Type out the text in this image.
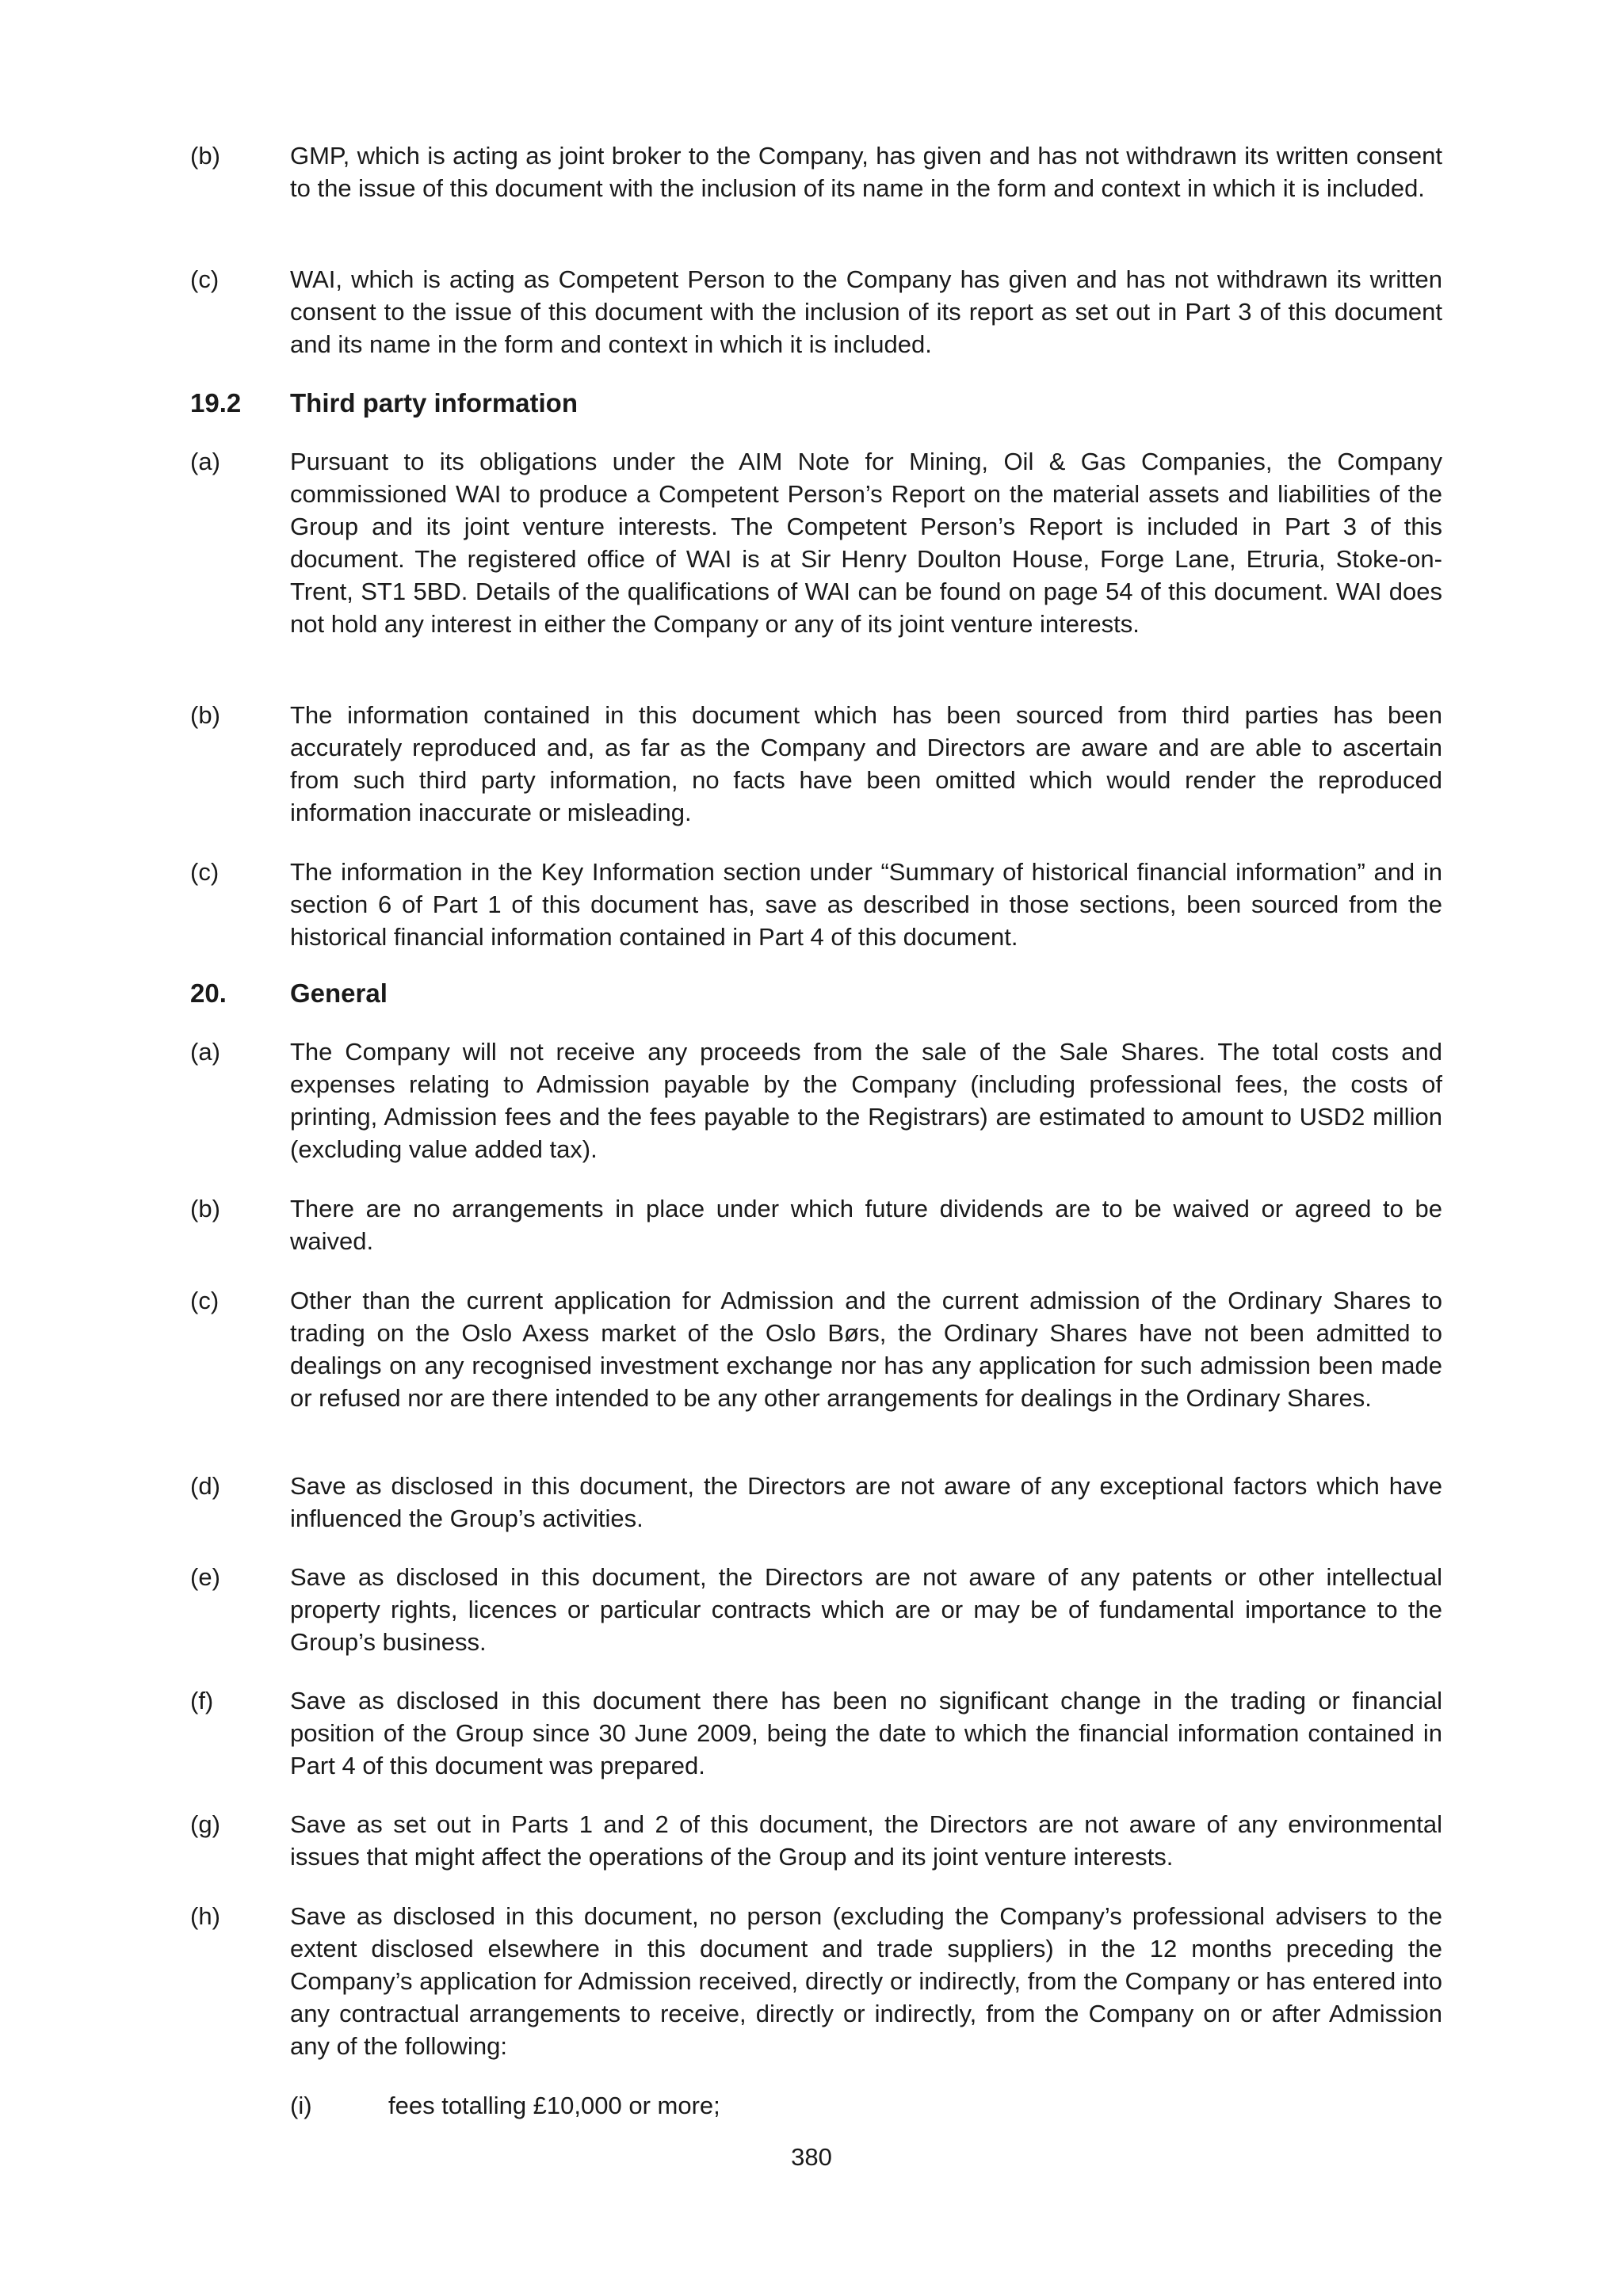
(b)	GMP, which is acting as joint broker to the Company, has given and has not withdrawn its written consent to the issue of this document with the inclusion of its name in the form and context in which it is included.
(c)	WAI, which is acting as Competent Person to the Company has given and has not withdrawn its written consent to the issue of this document with the inclusion of its report as set out in Part 3 of this document and its name in the form and context in which it is included.
19.2 Third party information
(a)	Pursuant to its obligations under the AIM Note for Mining, Oil & Gas Companies, the Company commissioned WAI to produce a Competent Person’s Report on the material assets and liabilities of the Group and its joint venture interests. The Competent Person’s Report is included in Part 3 of this document. The registered office of WAI is at Sir Henry Doulton House, Forge Lane, Etruria, Stoke-on-Trent, ST1 5BD. Details of the qualifications of WAI can be found on page 54 of this document. WAI does not hold any interest in either the Company or any of its joint venture interests.
(b)	The information contained in this document which has been sourced from third parties has been accurately reproduced and, as far as the Company and Directors are aware and are able to ascertain from such third party information, no facts have been omitted which would render the reproduced information inaccurate or misleading.
(c)	The information in the Key Information section under “Summary of historical financial information” and in section 6 of Part 1 of this document has, save as described in those sections, been sourced from the historical financial information contained in Part 4 of this document.
20. General
(a)	The Company will not receive any proceeds from the sale of the Sale Shares. The total costs and expenses relating to Admission payable by the Company (including professional fees, the costs of printing, Admission fees and the fees payable to the Registrars) are estimated to amount to USD2 million (excluding value added tax).
(b)	There are no arrangements in place under which future dividends are to be waived or agreed to be waived.
(c)	Other than the current application for Admission and the current admission of the Ordinary Shares to trading on the Oslo Axess market of the Oslo Børs, the Ordinary Shares have not been admitted to dealings on any recognised investment exchange nor has any application for such admission been made or refused nor are there intended to be any other arrangements for dealings in the Ordinary Shares.
(d)	Save as disclosed in this document, the Directors are not aware of any exceptional factors which have influenced the Group’s activities.
(e)	Save as disclosed in this document, the Directors are not aware of any patents or other intellectual property rights, licences or particular contracts which are or may be of fundamental importance to the Group’s business.
(f)	Save as disclosed in this document there has been no significant change in the trading or financial position of the Group since 30 June 2009, being the date to which the financial information contained in Part 4 of this document was prepared.
(g)	Save as set out in Parts 1 and 2 of this document, the Directors are not aware of any environmental issues that might affect the operations of the Group and its joint venture interests.
(h)	Save as disclosed in this document, no person (excluding the Company’s professional advisers to the extent disclosed elsewhere in this document and trade suppliers) in the 12 months preceding the Company’s application for Admission received, directly or indirectly, from the Company or has entered into any contractual arrangements to receive, directly or indirectly, from the Company on or after Admission any of the following:
(i)	fees totalling £10,000 or more;
380
